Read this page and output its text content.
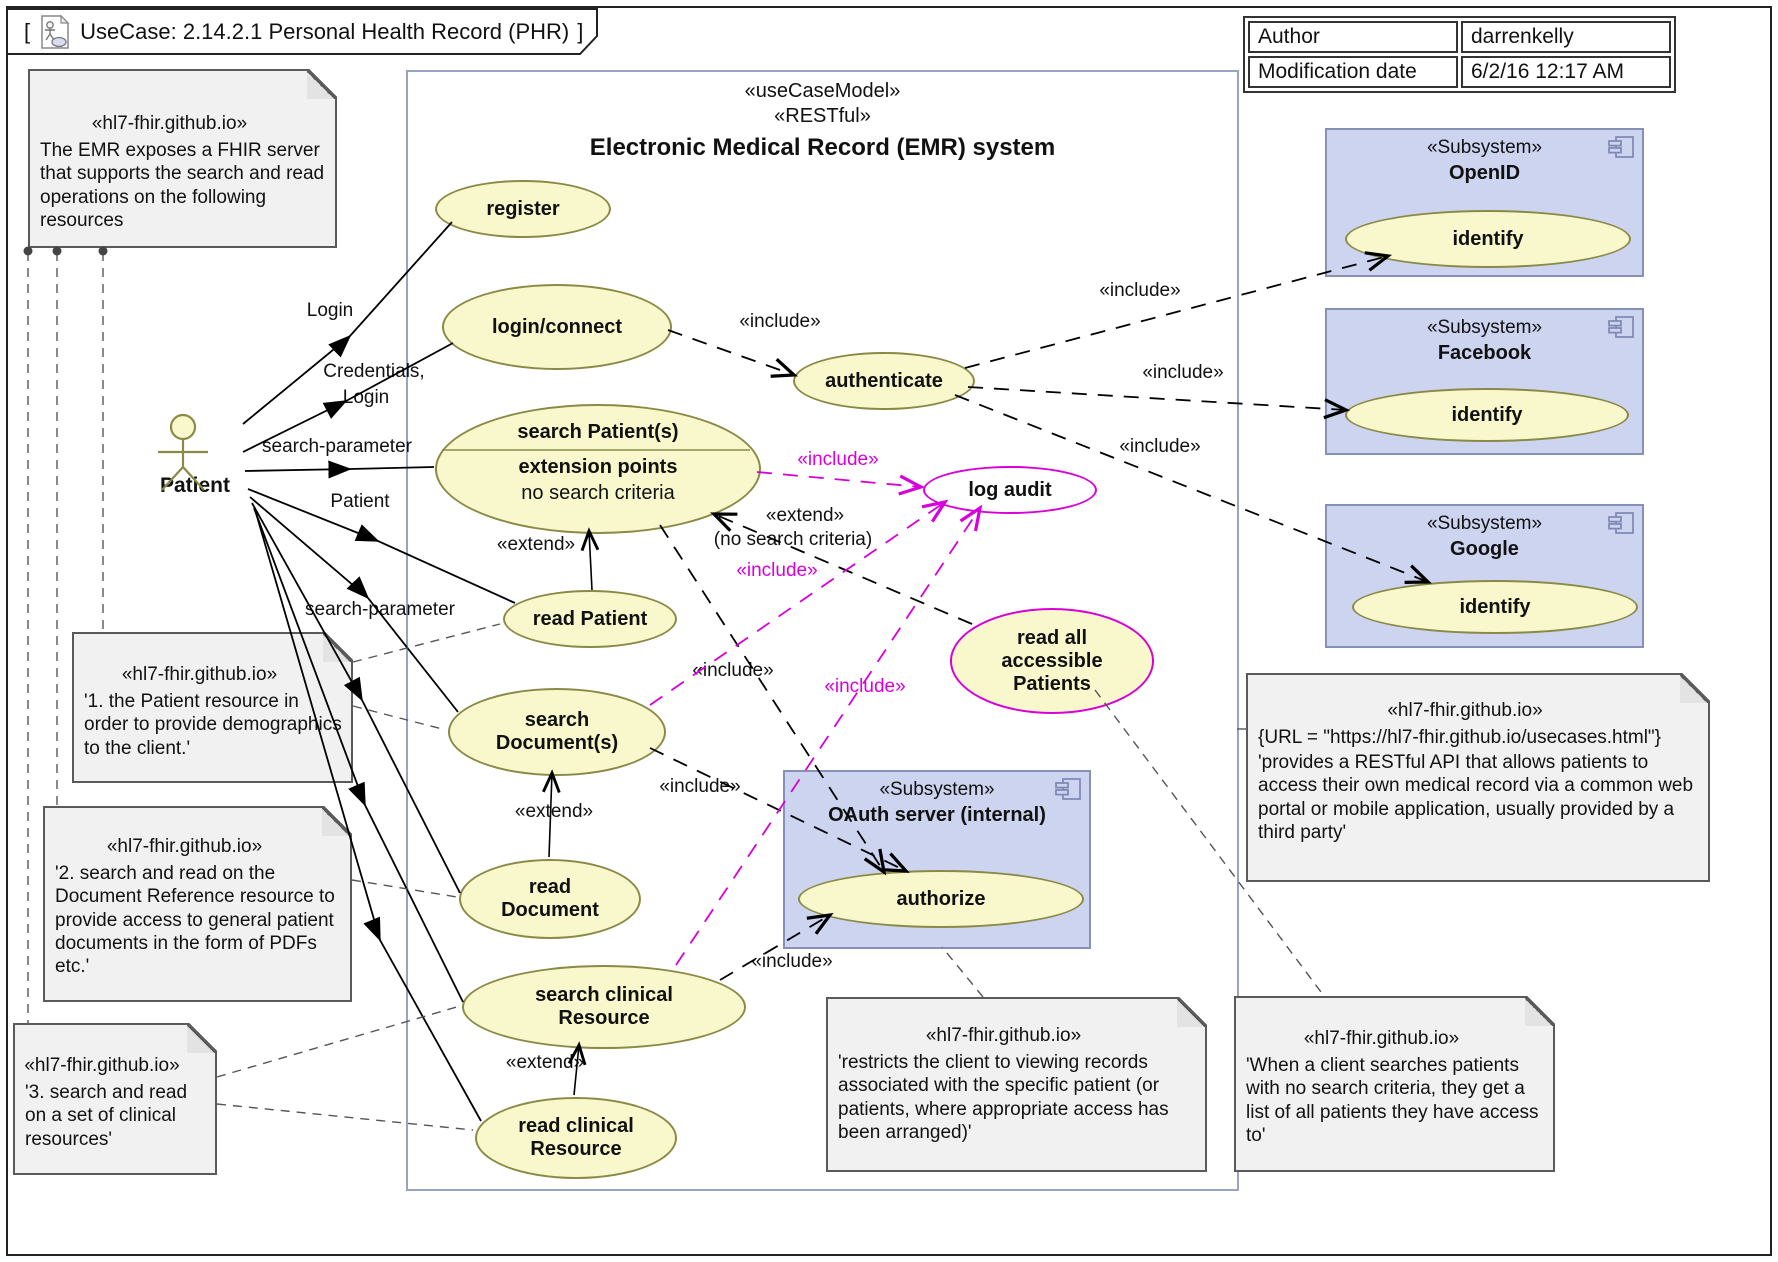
«useCaseModel»
«RESTful»
Electronic Medical Record (EMR) system
[ UseCase: 2.14.2.1 Personal Health Record (PHR) ]	Author	darrenkelly
Modification date	6/2/16 12:17 AM
«Subsystem»
OpenID
«Subsystem»
Facebook
«Subsystem»
Google
«Subsystem»
OAuth server (internal)
«hl7-fhir.github.io»
The EMR exposes a FHIR server that supports the search and read operations on the following resources
«hl7-fhir.github.io»
'1. the Patient resource in order to provide demographics to the client.'
«hl7-fhir.github.io»
'2. search and read on the Document Reference resource to provide access to general patient documents in the form of PDFs etc.'
«hl7-fhir.github.io»
'3. search and read on a set of clinical resources'
«hl7-fhir.github.io»
'restricts the client to viewing records associated with the specific patient (or patients, where appropriate access has been arranged)'
«hl7-fhir.github.io»
{URL = "https://hl7-fhir.github.io/usecases.html"}
'provides a RESTful API that allows patients to access their own medical record via a common web portal or mobile application, usually provided by a third party'
«hl7-fhir.github.io»
'When a client searches patients with no search criteria, they get a list of all patients they have access to'
register
login/connect
search Patient(s)
extension points
no search criteria
read Patient
search Document(s)
read Document
search clinical Resource
read clinical Resource
authenticate
log audit
read all accessible Patients
authorize
identify
identify
identify
Patient
Login
Credentials,
Login
search-parameter
Patient
search-parameter
«include»
«include»
«include»
«include»
«include»
«include»
«include»
«include»
«include»
«include»
«extend»
«extend»
(no search criteria)
«extend»
«extend»
